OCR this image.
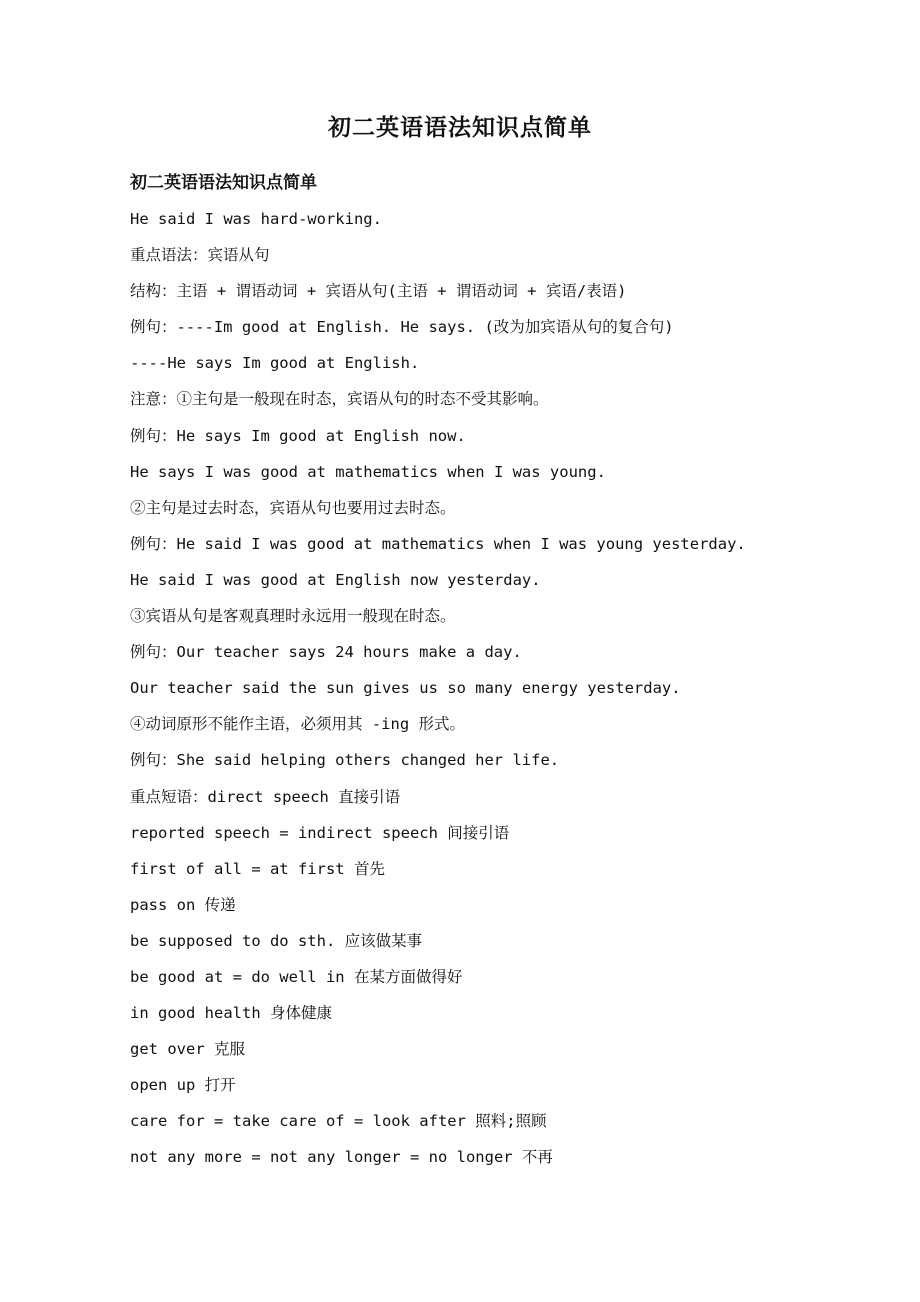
初二英语语法知识点简单
初二英语语法知识点简单
He said I was hard-working.
重点语法：宾语从句
结构：主语 + 谓语动词 + 宾语从句(主语 + 谓语动词 + 宾语/表语)
例句：----Im good at English. He says. (改为加宾语从句的复合句)
----He says Im good at English.
注意：①主句是一般现在时态，宾语从句的时态不受其影响。
例句：He says Im good at English now.
He says I was good at mathematics when I was young.
②主句是过去时态，宾语从句也要用过去时态。
例句：He said I was good at mathematics when I was young yesterday.
He said I was good at English now yesterday.
③宾语从句是客观真理时永远用一般现在时态。
例句：Our teacher says 24 hours make a day.
Our teacher said the sun gives us so many energy yesterday.
④动词原形不能作主语，必须用其 -ing 形式。
例句：She said helping others changed her life.
重点短语：direct speech 直接引语
reported speech = indirect speech 间接引语
first of all = at first 首先
pass on 传递
be supposed to do sth. 应该做某事
be good at = do well in 在某方面做得好
in good health 身体健康
get over 克服
open up 打开
care for = take care of = look after 照料;照顾
not any more = not any longer = no longer 不再
